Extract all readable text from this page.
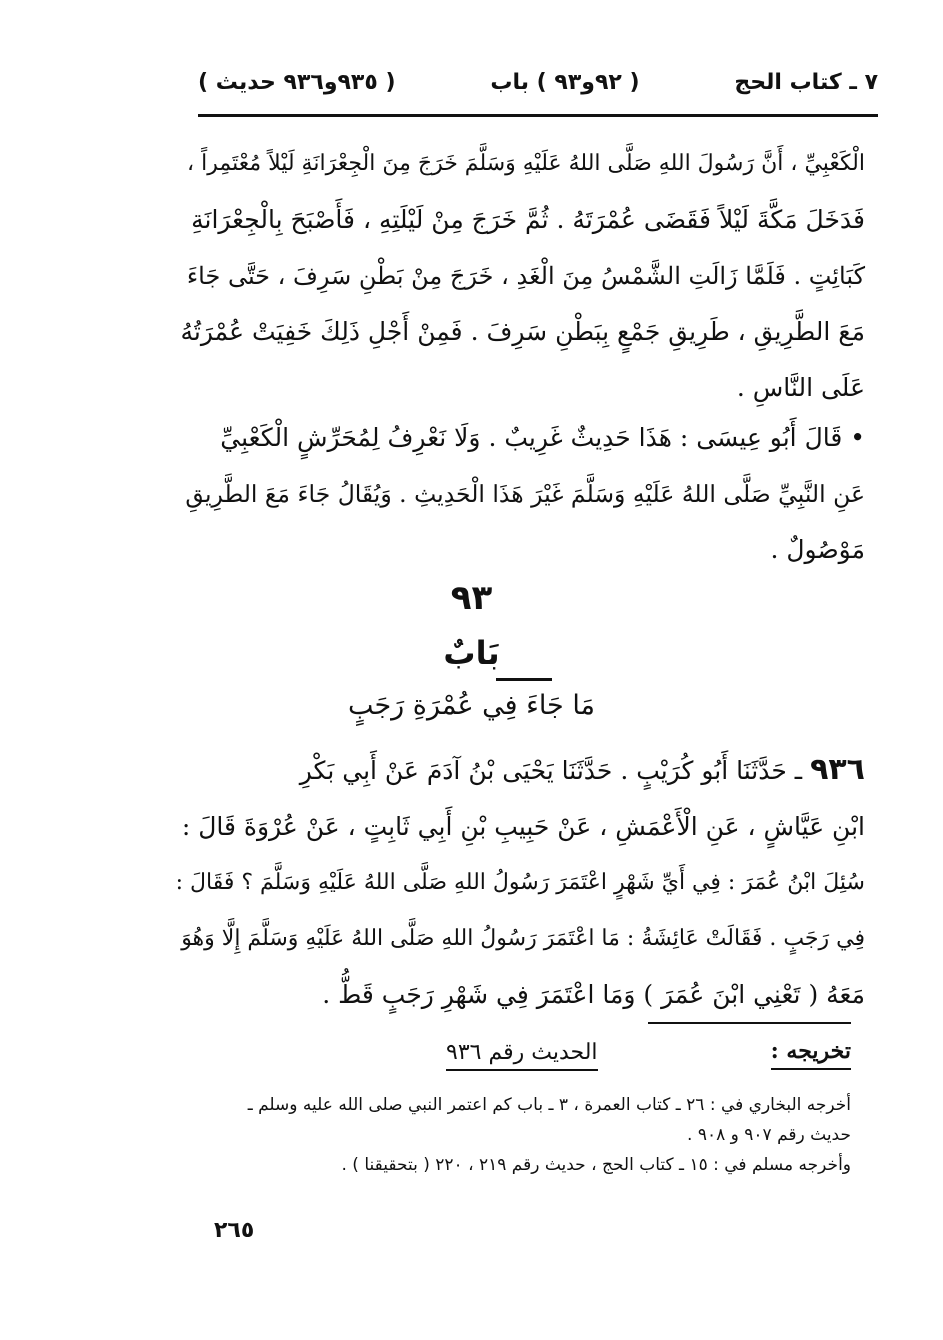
٧ ـ كتاب الحج
( ٩٢و٩٣ ) باب
( ٩٣٥و٩٣٦ حديث )
الْكَعْبِيِّ ، أَنَّ رَسُولَ اللهِ صَلَّى اللهُ عَلَيْهِ وَسَلَّمَ خَرَجَ مِنَ الْجِعْرَانَةِ لَيْلاً مُعْتَمِراً ،
فَدَخَلَ مَكَّةَ لَيْلاً فَقَضَى عُمْرَتَهُ . ثُمَّ خَرَجَ مِنْ لَيْلَتِهِ ، فَأَصْبَحَ بِالْجِعْرَانَةِ
كَبَائِتٍ . فَلَمَّا زَالَتِ الشَّمْسُ مِنَ الْغَدِ ، خَرَجَ مِنْ بَطْنِ سَرِفَ ، حَتَّى جَاءَ
مَعَ الطَّرِيقِ ، طَرِيقِ جَمْعٍ بِبَطْنِ سَرِفَ . فَمِنْ أَجْلِ ذَلِكَ خَفِيَتْ عُمْرَتُهُ
عَلَى النَّاسِ .
• قَالَ أَبُو عِيسَى : هَذَا حَدِيثٌ غَرِيبٌ . وَلَا نَعْرِفُ لِمُحَرِّشٍ الْكَعْبِيِّ
عَنِ النَّبِيِّ صَلَّى اللهُ عَلَيْهِ وَسَلَّمَ غَيْرَ هَذَا الْحَدِيثِ . وَيُقَالُ جَاءَ مَعَ الطَّرِيقِ
مَوْصُولٌ .
٩٣
بَابٌ
مَا جَاءَ فِي عُمْرَةِ رَجَبٍ
٩٣٦ ـ حَدَّثَنَا أَبُو كُرَيْبٍ . حَدَّثَنَا يَحْيَى بْنُ آدَمَ عَنْ أَبِي بَكْرِ
ابْنِ عَيَّاشٍ ، عَنِ الْأَعْمَشِ ، عَنْ حَبِيبِ بْنِ أَبِي ثَابِتٍ ، عَنْ عُرْوَةَ قَالَ :
سُئِلَ ابْنُ عُمَرَ : فِي أَيِّ شَهْرٍ اعْتَمَرَ رَسُولُ اللهِ صَلَّى اللهُ عَلَيْهِ وَسَلَّمَ ؟ فَقَالَ :
فِي رَجَبٍ . فَقَالَتْ عَائِشَةُ : مَا اعْتَمَرَ رَسُولُ اللهِ صَلَّى اللهُ عَلَيْهِ وَسَلَّمَ إِلَّا وَهُوَ
مَعَهُ ( تَعْنِي ابْنَ عُمَرَ ) وَمَا اعْتَمَرَ فِي شَهْرِ رَجَبٍ قَطُّ .
تخريجه :
الحديث رقم ٩٣٦
أخرجه البخاري في : ٢٦ ـ كتاب العمرة ، ٣ ـ باب كم اعتمر النبي صلى الله عليه وسلم ـ
حديث رقم ٩٠٧ و ٩٠٨ .
وأخرجه مسلم في : ١٥ ـ كتاب الحج ، حديث رقم ٢١٩ ، ٢٢٠ ( بتحقيقنا ) .
٢٦٥
